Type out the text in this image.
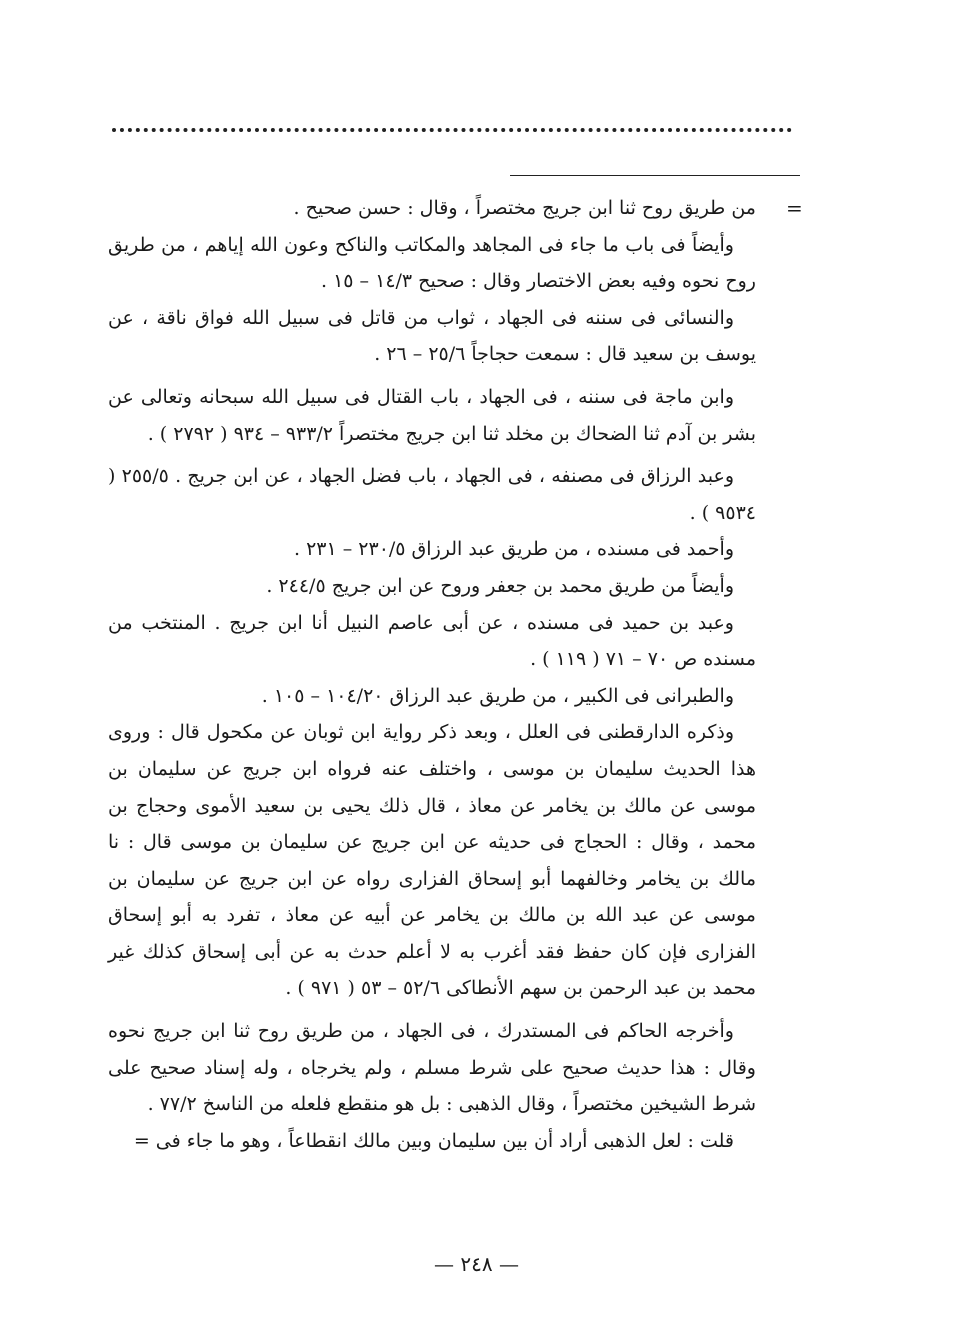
=

من طريق روح ثنا ابن جريج مختصراً ، وقال : حسن صحيح .

وأيضاً فى باب ما جاء فى المجاهد والمكاتب والناكح وعون الله إياهم ، من طريق روح نحوه وفيه بعض الاختصار وقال : صحيح ١٤/٣ – ١٥ .

والنسائى فى سننه فى الجهاد ، ثواب من قاتل فى سبيل الله فواق ناقة ، عن يوسف بن سعيد قال : سمعت حجاجاً ٢٥/٦ – ٢٦ .

وابن ماجة فى سننه ، فى الجهاد ، باب القتال فى سبيل الله سبحانه وتعالى عن بشر بن آدم ثنا الضحاك بن مخلد ثنا ابن جريج مختصراً ٩٣٣/٢ – ٩٣٤ ( ٢٧٩٢ ) .

وعبد الرزاق فى مصنفه ، فى الجهاد ، باب فضل الجهاد ، عن ابن جريج . ٢٥٥/٥ ( ٩٥٣٤ ) .

وأحمد فى مسنده ، من طريق عبد الرزاق ٢٣٠/٥ – ٢٣١ .

وأيضاً من طريق محمد بن جعفر وروح عن ابن جريج ٢٤٤/٥ .

وعبد بن حميد فى مسنده ، عن أبى عاصم النبيل أنا ابن جريج . المنتخب من مسنده ص ٧٠ – ٧١ ( ١١٩ ) .

والطبرانى فى الكبير ، من طريق عبد الرزاق ١٠٤/٢٠ – ١٠٥ .

وذكره الدارقطنى فى العلل ، وبعد ذكر رواية ابن ثوبان عن مكحول قال : وروى هذا الحديث سليمان بن موسى ، واختلف عنه فرواه ابن جريج عن سليمان بن موسى عن مالك بن يخامر عن معاذ ، قال ذلك يحيى بن سعيد الأموى وحجاج بن محمد ، وقال : الحجاج فى حديثه عن ابن جريج عن سليمان بن موسى قال : نا مالك بن يخامر وخالفهما أبو إسحاق الفزارى رواه عن ابن جريج عن سليمان بن موسى عن عبد الله بن مالك بن يخامر عن أبيه عن معاذ ، تفرد به أبو إسحاق الفزارى فإن كان حفظ فقد أغرب به لا أعلم حدث به عن أبى إسحاق كذلك غير محمد بن عبد الرحمن بن سهم الأنطاكى ٥٢/٦ – ٥٣ ( ٩٧١ ) .

وأخرجه الحاكم فى المستدرك ، فى الجهاد ، من طريق روح ثنا ابن جريج نحوه وقال : هذا حديث صحيح على شرط مسلم ، ولم يخرجاه ، وله إسناد صحيح على شرط الشيخين مختصراً ، وقال الذهبى : بل هو منقطع فلعله من الناسخ ٧٧/٢ .

قلت : لعل الذهبى أراد أن بين سليمان وبين مالك انقطاعاً ، وهو ما جاء فى =

— ٢٤٨ —
